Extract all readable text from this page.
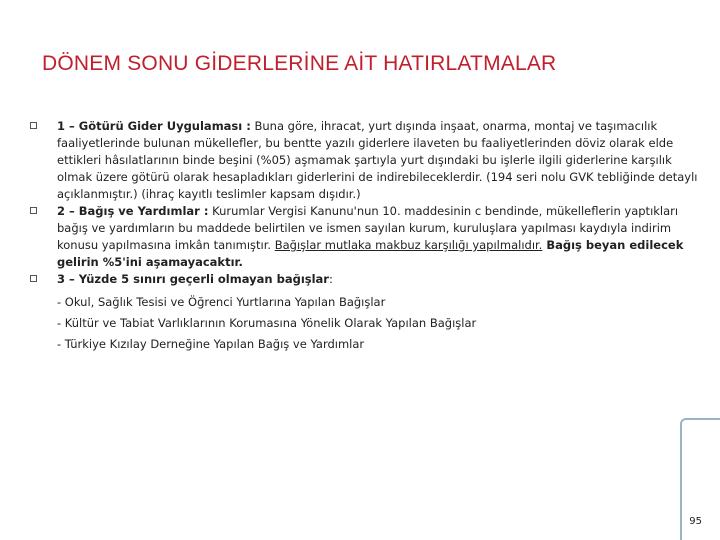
DÖNEM SONU GİDERLERİNE AİT HATIRLATMALAR
1 – Götürü Gider Uygulaması : Buna göre, ihracat, yurt dışında inşaat, onarma, montaj ve taşımacılık faaliyetlerinde bulunan mükellefler, bu bentte yazılı giderlere ilaveten bu faaliyetlerinden döviz olarak elde ettikleri hâsılatlarının binde beşini (%05) aşmamak şartıyla yurt dışındaki bu işlerle ilgili giderlerine karşılık olmak üzere götürü olarak hesapladıkları giderlerini de indirebileceklerdir. (194 seri nolu GVK tebliğinde detaylı açıklanmıştır.) (ihraç kayıtlı teslimler kapsam dışıdır.)
2 – Bağış ve Yardımlar : Kurumlar Vergisi Kanunu'nun 10. maddesinin c bendinde, mükelleflerin yaptıkları bağış ve yardımların bu maddede belirtilen ve ismen sayılan kurum, kuruluşlara yapılması kaydıyla indirim konusu yapılmasına imkân tanımıştır. Bağışlar mutlaka makbuz karşılığı yapılmalıdır. Bağış beyan edilecek gelirin %5'ini aşamayacaktır.
3 – Yüzde 5 sınırı geçerli olmayan bağışlar:
- Okul, Sağlık Tesisi ve Öğrenci Yurtlarına Yapılan Bağışlar
- Kültür ve Tabiat Varlıklarının Korumasına Yönelik Olarak Yapılan Bağışlar
- Türkiye Kızılay Derneğine Yapılan Bağış ve Yardımlar
95
